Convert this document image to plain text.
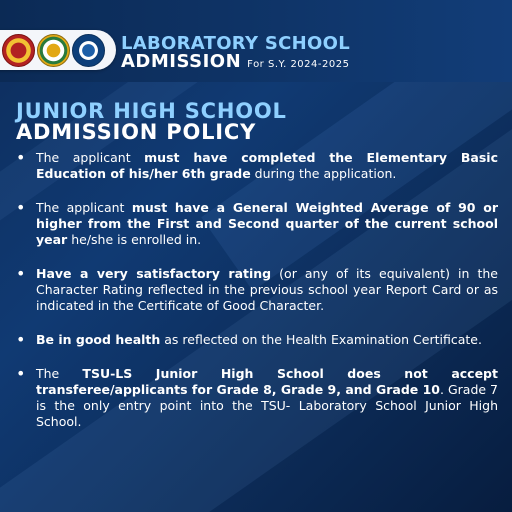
LABORATORY SCHOOL
ADMISSION For S.Y. 2024-2025
JUNIOR HIGH SCHOOL
ADMISSION POLICY
• The applicant must have completed the Elementary Basic Education of his/her 6th grade during the application.
• The applicant must have a General Weighted Average of 90 or higher from the First and Second quarter of the current school year he/she is enrolled in.
• Have a very satisfactory rating (or any of its equivalent) in the Character Rating reflected in the previous school year Report Card or as indicated in the Certificate of Good Character.
• Be in good health as reflected on the Health Examination Certificate.
• The TSU-LS Junior High School does not accept transferee/applicants for Grade 8, Grade 9, and Grade 10. Grade 7 is the only entry point into the TSU- Laboratory School Junior High School.
